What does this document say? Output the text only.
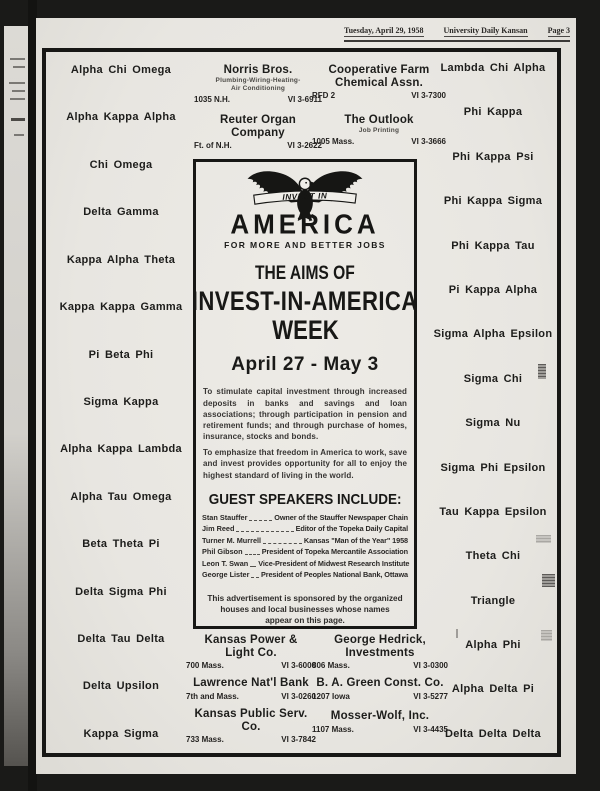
Tuesday, April 29, 1958	University Daily Kansan	Page 3
Alpha Chi Omega
Alpha Kappa Alpha
Chi Omega
Delta Gamma
Kappa Alpha Theta
Kappa Kappa Gamma
Pi Beta Phi
Sigma Kappa
Alpha Kappa Lambda
Alpha Tau Omega
Beta Theta Pi
Delta Sigma Phi
Delta Tau Delta
Delta Upsilon
Kappa Sigma
Lambda Chi Alpha
Phi Kappa
Phi Kappa Psi
Phi Kappa Sigma
Phi Kappa Tau
Pi Kappa Alpha
Sigma Alpha Epsilon
Sigma Chi
Sigma Nu
Sigma Phi Epsilon
Tau Kappa Epsilon
Theta Chi
Triangle
Alpha Phi
Alpha Delta Pi
Delta Delta Delta
Norris Bros.
Plumbing-Wiring-Heating-
Air Conditioning
1035 N.H.	VI 3-6911
Reuter Organ Company
Ft. of N.H.	VI 3-2622
Cooperative Farm Chemical Assn.
RFD 2	VI 3-7300
The Outlook
Job Printing
1005 Mass.	VI 3-3666
INVEST IN
AMERICA
FOR MORE AND BETTER JOBS
THE AIMS OF
INVEST-IN-AMERICA
WEEK
April 27 - May 3

To stimulate capital investment through increased deposits in banks and savings and loan associations; through participation in pension and retirement funds; and through purchase of homes, insurance, stocks and bonds.

To emphasize that freedom in America to work, save and invest provides opportunity for all to enjoy the highest standard of living in the world.

GUEST SPEAKERS INCLUDE:
Stan Stauffer	Owner of the Stauffer Newspaper Chain
Jim Reed	Editor of the Topeka Daily Capital
Turner M. Murrell	Kansas "Man of the Year" 1958
Phil Gibson	President of Topeka Mercantile Association
Leon T. Swan Vice-President of Midwest Research Institute
George Lister President of Peoples National Bank, Ottawa
This advertisement is sponsored by the organized houses and local businesses whose names appear on this page.
Kansas Power & Light Co.
700 Mass.	VI 3-6000
Lawrence Nat'l Bank
7th and Mass.	VI 3-0260
Kansas Public Serv. Co.
733 Mass.	VI 3-7842
George Hedrick, Investments
806 Mass.	VI 3-0300
B. A. Green Const. Co.
1207 Iowa	VI 3-5277
Mosser-Wolf, Inc.
1107 Mass.	VI 3-4435
